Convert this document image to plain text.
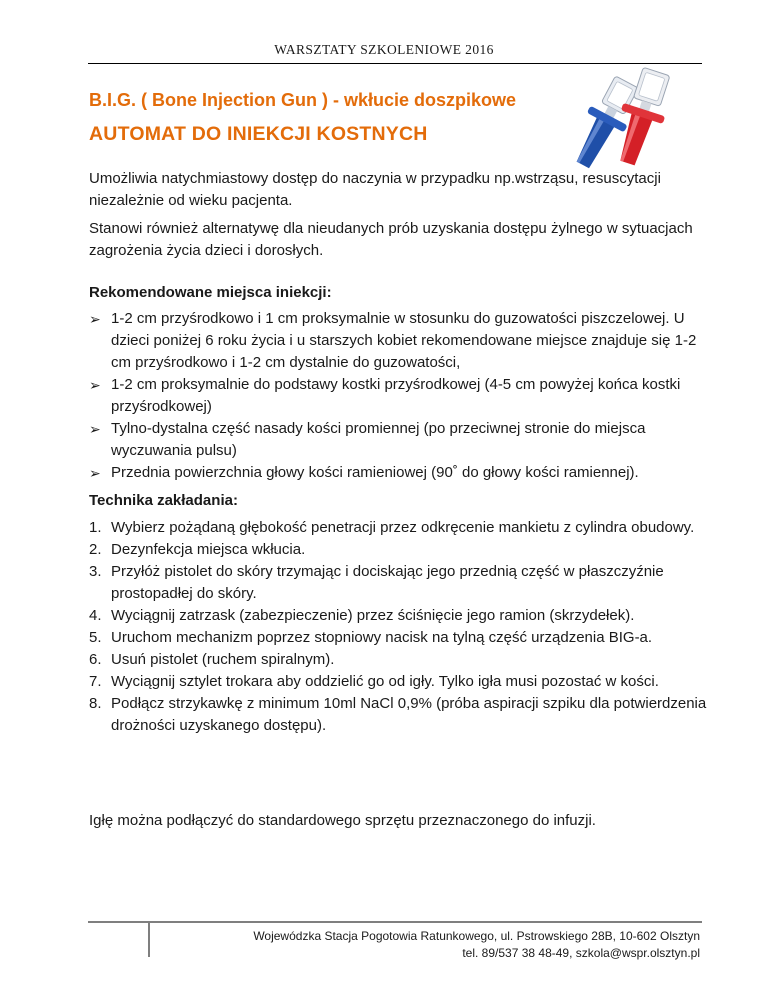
WARSZTATY SZKOLENIOWE 2016
B.I.G. ( Bone Injection Gun ) - wkłucie doszpikowe
AUTOMAT DO INIEKCJI KOSTNYCH

Umożliwia natychmiastowy dostęp do naczynia w przypadku np.wstrząsu, resuscytacji niezależnie od wieku pacjenta.

Stanowi również alternatywę dla nieudanych prób uzyskania dostępu żylnego w sytuacjach zagrożenia życia dzieci i dorosłych.

Rekomendowane miejsca iniekcji:

➢ 1-2 cm przyśrodkowo i 1 cm proksymalnie w stosunku do guzowatości piszczelowej. U dzieci poniżej 6 roku życia i u starszych kobiet rekomendowane miejsce znajduje się 1-2 cm przyśrodkowo i 1-2 cm dystalnie do guzowatości,
➢ 1-2 cm proksymalnie do podstawy kostki przyśrodkowej (4-5 cm powyżej końca kostki przyśrodkowej)
➢ Tylno-dystalna część nasady kości promiennej (po przeciwnej stronie do miejsca wyczuwania pulsu)
➢ Przednia powierzchnia głowy kości ramieniowej (90˚ do głowy kości ramiennej).

Technika zakładania:

1. Wybierz pożądaną głębokość penetracji przez odkręcenie mankietu z cylindra obudowy.
2. Dezynfekcja miejsca wkłucia.
3. Przyłóż pistolet do skóry trzymając i dociskając jego przednią część w płaszczyźnie prostopadłej do skóry.
4. Wyciągnij zatrzask (zabezpieczenie) przez ściśnięcie jego ramion (skrzydełek).
5. Uruchom mechanizm poprzez stopniowy nacisk na tylną część urządzenia BIG-a.
6. Usuń pistolet (ruchem spiralnym).
7. Wyciągnij sztylet trokara aby oddzielić go od igły. Tylko igła musi pozostać w kości.
8. Podłącz strzykawkę z minimum 10ml NaCl 0,9% (próba aspiracji szpiku dla potwierdzenia drożności uzyskanego dostępu).
Igłę można podłączyć do standardowego sprzętu przeznaczonego do infuzji.
Wojewódzka Stacja Pogotowia Ratunkowego, ul. Pstrowskiego 28B, 10-602 Olsztyn
tel. 89/537 38 48-49, szkola@wspr.olsztyn.pl
